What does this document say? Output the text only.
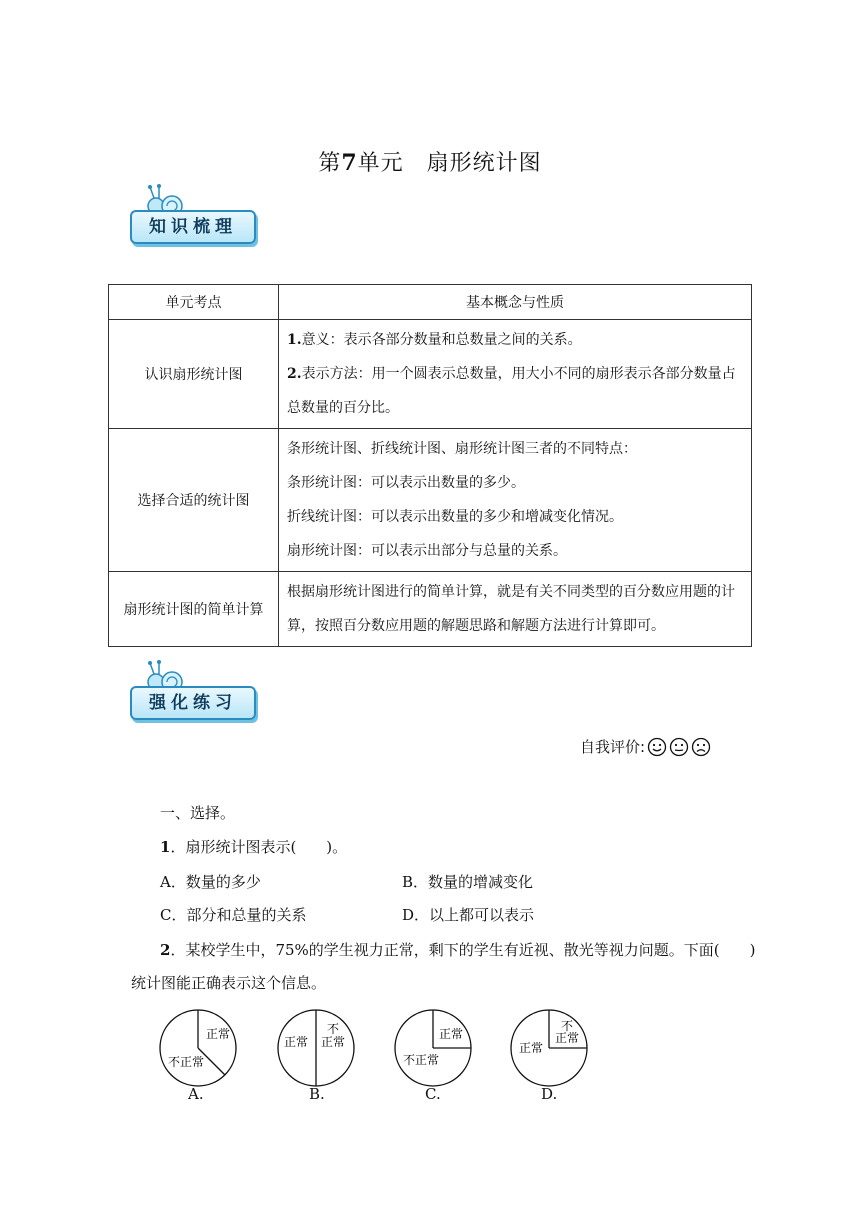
第7单元　扇形统计图
知识梳理
单元考点	基本概念与性质
认识扇形统计图	1.意义：表示各部分数量和总数量之间的关系。
2.表示方法：用一个圆表示总数量，用大小不同的扇形表示各部分数量占总数量的百分比。

选择合适的统计图	条形统计图、折线统计图、扇形统计图三者的不同特点：
条形统计图：可以表示出数量的多少。
折线统计图：可以表示出数量的多少和增减变化情况。
扇形统计图：可以表示出部分与总量的关系。

扇形统计图的简单计算	根据扇形统计图进行的简单计算，就是有关不同类型的百分数应用题的计算，按照百分数应用题的解题思路和解题方法进行计算即可。
强化练习
自我评价:
一、选择。
1．扇形统计图表示(　　)。
A．数量的多少	B．数量的增减变化
C．部分和总量的关系	D．以上都可以表示
2．某校学生中，75%的学生视力正常，剩下的学生有近视、散光等视力问题。下面(　　)
统计图能正确表示这个信息。
正常
不正常
正常
不
正常
正常
不正常
正常
不
正常
A.	B.	C.	D.
